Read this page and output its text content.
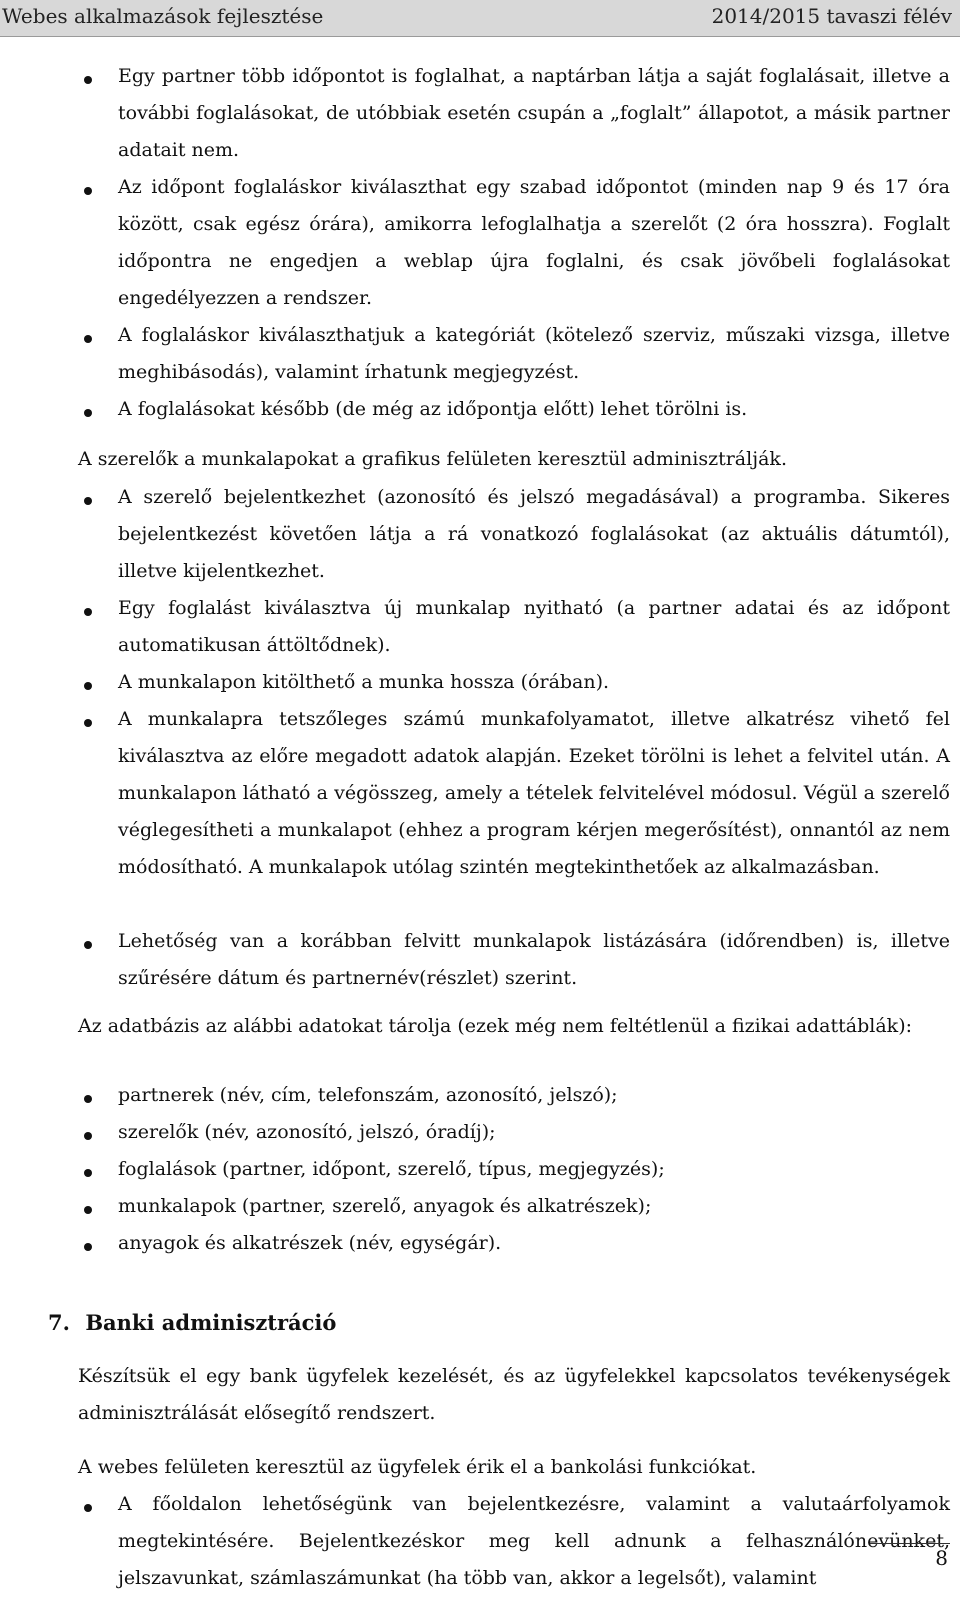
Webes alkalmazások fejlesztése	2014/2015 tavaszi félév
Egy partner több időpontot is foglalhat, a naptárban látja a saját foglalásait, illetve a további foglalásokat, de utóbbiak esetén csupán a „foglalt” állapotot, a másik partner adatait nem.
Az időpont foglaláskor kiválaszthat egy szabad időpontot (minden nap 9 és 17 óra között, csak egész órára), amikorra lefoglalhatja a szerelőt (2 óra hosszra). Foglalt időpontra ne engedjen a weblap újra foglalni, és csak jövőbeli foglalásokat engedélyezzen a rendszer.
A foglaláskor kiválaszthatjuk a kategóriát (kötelező szerviz, műszaki vizsga, illetve meghibásodás), valamint írhatunk megjegyzést.
A foglalásokat később (de még az időpontja előtt) lehet törölni is.
A szerelők a munkalapokat a grafikus felületen keresztül adminisztrálják.
A szerelő bejelentkezhet (azonosító és jelszó megadásával) a programba. Sikeres bejelentkezést követően látja a rá vonatkozó foglalásokat (az aktuális dátumtól), illetve kijelentkezhet.
Egy foglalást kiválasztva új munkalap nyitható (a partner adatai és az időpont automatikusan áttöltődnek).
A munkalapon kitölthető a munka hossza (órában).
A munkalapra tetszőleges számú munkafolyamatot, illetve alkatrész vihető fel kiválasztva az előre megadott adatok alapján. Ezeket törölni is lehet a felvitel után. A munkalapon látható a végösszeg, amely a tételek felvitelével módosul. Végül a szerelő véglegesítheti a munkalapot (ehhez a program kérjen megerősítést), onnantól az nem módosítható. A munkalapok utólag szintén megtekinthetőek az alkalmazásban.
Lehetőség van a korábban felvitt munkalapok listázására (időrendben) is, illetve szűrésére dátum és partnernév(részlet) szerint.
Az adatbázis az alábbi adatokat tárolja (ezek még nem feltétlenül a fizikai adattáblák):
partnerek (név, cím, telefonszám, azonosító, jelszó);
szerelők (név, azonosító, jelszó, óradíj);
foglalások (partner, időpont, szerelő, típus, megjegyzés);
munkalapok (partner, szerelő, anyagok és alkatrészek);
anyagok és alkatrészek (név, egységár).
7. Banki adminisztráció
Készítsük el egy bank ügyfelek kezelését, és az ügyfelekkel kapcsolatos tevékenységek adminisztrálását elősegítő rendszert.
A webes felületen keresztül az ügyfelek érik el a bankolási funkciókat.
A főoldalon lehetőségünk van bejelentkezésre, valamint a valutaárfolyamok megtekintésére. Bejelentkezéskor meg kell adnunk a felhasználónevünket, jelszavunkat, számlaszámunkat (ha több van, akkor a legelsőt), valamint
8
